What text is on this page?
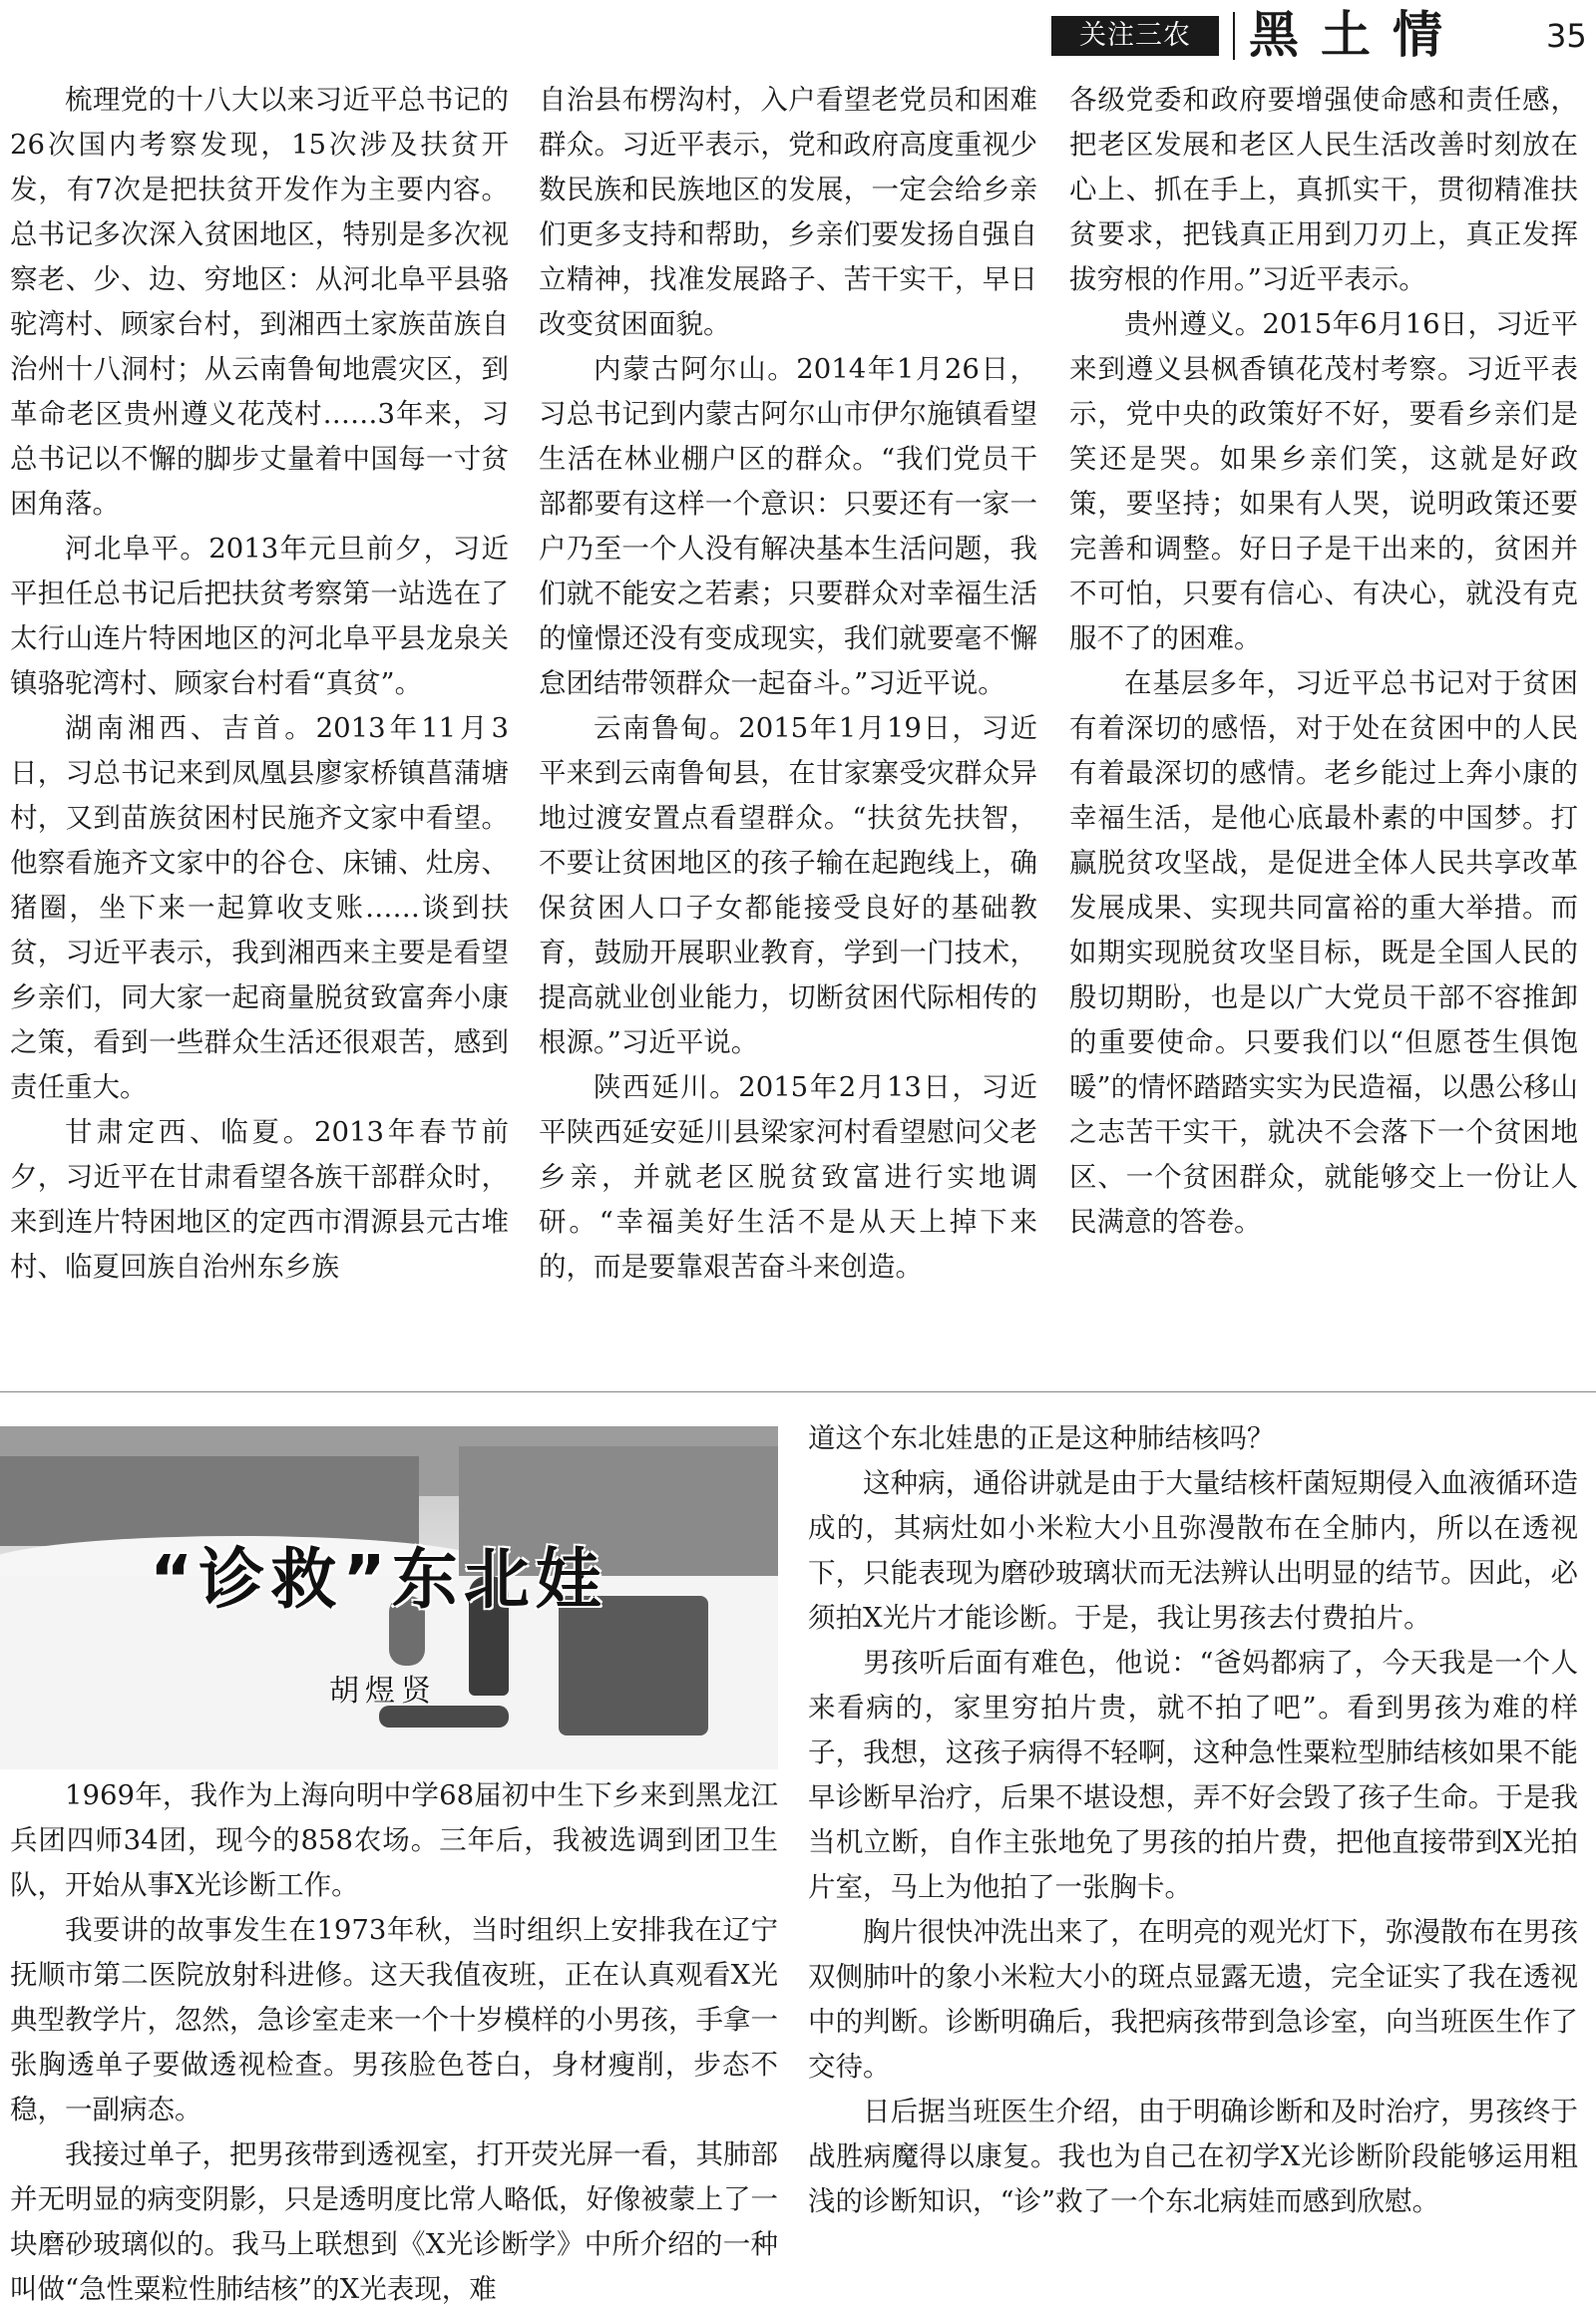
关注三农	黑土情	35

梳理党的十八大以来习近平总书记的26次国内考察发现，15次涉及扶贫开发，有7次是把扶贫开发作为主要内容。总书记多次深入贫困地区，特别是多次视察老、少、边、穷地区：从河北阜平县骆驼湾村、顾家台村，到湘西土家族苗族自治州十八洞村；从云南鲁甸地震灾区，到革命老区贵州遵义花茂村……3年来，习总书记以不懈的脚步丈量着中国每一寸贫困角落。

河北阜平。2013年元旦前夕，习近平担任总书记后把扶贫考察第一站选在了太行山连片特困地区的河北阜平县龙泉关镇骆驼湾村、顾家台村看“真贫”。

湖南湘西、吉首。2013年11月3日，习总书记来到凤凰县廖家桥镇菖蒲塘村，又到苗族贫困村民施齐文家中看望。他察看施齐文家中的谷仓、床铺、灶房、猪圈，坐下来一起算收支账……谈到扶贫，习近平表示，我到湘西来主要是看望乡亲们，同大家一起商量脱贫致富奔小康之策，看到一些群众生活还很艰苦，感到责任重大。

甘肃定西、临夏。2013年春节前夕，习近平在甘肃看望各族干部群众时，来到连片特困地区的定西市渭源县元古堆村、临夏回族自治州东乡族

自治县布楞沟村，入户看望老党员和困难群众。习近平表示，党和政府高度重视少数民族和民族地区的发展，一定会给乡亲们更多支持和帮助，乡亲们要发扬自强自立精神，找准发展路子、苦干实干，早日改变贫困面貌。

内蒙古阿尔山。2014年1月26日，习总书记到内蒙古阿尔山市伊尔施镇看望生活在林业棚户区的群众。“我们党员干部都要有这样一个意识：只要还有一家一户乃至一个人没有解决基本生活问题，我们就不能安之若素；只要群众对幸福生活的憧憬还没有变成现实，我们就要毫不懈怠团结带领群众一起奋斗。”习近平说。

云南鲁甸。2015年1月19日，习近平来到云南鲁甸县，在甘家寨受灾群众异地过渡安置点看望群众。“扶贫先扶智，不要让贫困地区的孩子输在起跑线上，确保贫困人口子女都能接受良好的基础教育，鼓励开展职业教育，学到一门技术，提高就业创业能力，切断贫困代际相传的根源。”习近平说。

陕西延川。2015年2月13日，习近平陕西延安延川县梁家河村看望慰问父老乡亲，并就老区脱贫致富进行实地调研。“幸福美好生活不是从天上掉下来的，而是要靠艰苦奋斗来创造。

各级党委和政府要增强使命感和责任感，把老区发展和老区人民生活改善时刻放在心上、抓在手上，真抓实干，贯彻精准扶贫要求，把钱真正用到刀刃上，真正发挥拔穷根的作用。”习近平表示。

贵州遵义。2015年6月16日，习近平来到遵义县枫香镇花茂村考察。习近平表示，党中央的政策好不好，要看乡亲们是笑还是哭。如果乡亲们笑，这就是好政策，要坚持；如果有人哭，说明政策还要完善和调整。好日子是干出来的，贫困并不可怕，只要有信心、有决心，就没有克服不了的困难。

在基层多年，习近平总书记对于贫困有着深切的感悟，对于处在贫困中的人民有着最深切的感情。老乡能过上奔小康的幸福生活，是他心底最朴素的中国梦。打赢脱贫攻坚战，是促进全体人民共享改革发展成果、实现共同富裕的重大举措。而如期实现脱贫攻坚目标，既是全国人民的殷切期盼，也是以广大党员干部不容推卸的重要使命。只要我们以“但愿苍生俱饱暖”的情怀踏踏实实为民造福，以愚公移山之志苦干实干，就决不会落下一个贫困地区、一个贫困群众，就能够交上一份让人民满意的答卷。

“诊救”东北娃
胡煜贤

1969年，我作为上海向明中学68届初中生下乡来到黑龙江兵团四师34团，现今的858农场。三年后，我被选调到团卫生队，开始从事X光诊断工作。

我要讲的故事发生在1973年秋，当时组织上安排我在辽宁抚顺市第二医院放射科进修。这天我值夜班，正在认真观看X光典型教学片，忽然，急诊室走来一个十岁模样的小男孩，手拿一张胸透单子要做透视检查。男孩脸色苍白，身材瘦削，步态不稳，一副病态。

我接过单子，把男孩带到透视室，打开荧光屏一看，其肺部并无明显的病变阴影，只是透明度比常人略低，好像被蒙上了一块磨砂玻璃似的。我马上联想到《X光诊断学》中所介绍的一种叫做“急性粟粒性肺结核”的X光表现，难

道这个东北娃患的正是这种肺结核吗？

这种病，通俗讲就是由于大量结核杆菌短期侵入血液循环造成的，其病灶如小米粒大小且弥漫散布在全肺内，所以在透视下，只能表现为磨砂玻璃状而无法辨认出明显的结节。因此，必须拍X光片才能诊断。于是，我让男孩去付费拍片。

男孩听后面有难色，他说：“爸妈都病了，今天我是一个人来看病的，家里穷拍片贵，就不拍了吧”。看到男孩为难的样子，我想，这孩子病得不轻啊，这种急性粟粒型肺结核如果不能早诊断早治疗，后果不堪设想，弄不好会毁了孩子生命。于是我当机立断，自作主张地免了男孩的拍片费，把他直接带到X光拍片室，马上为他拍了一张胸卡。

胸片很快冲洗出来了，在明亮的观光灯下，弥漫散布在男孩双侧肺叶的象小米粒大小的斑点显露无遗，完全证实了我在透视中的判断。诊断明确后，我把病孩带到急诊室，向当班医生作了交待。

日后据当班医生介绍，由于明确诊断和及时治疗，男孩终于战胜病魔得以康复。我也为自己在初学X光诊断阶段能够运用粗浅的诊断知识，“诊”救了一个东北病娃而感到欣慰。
